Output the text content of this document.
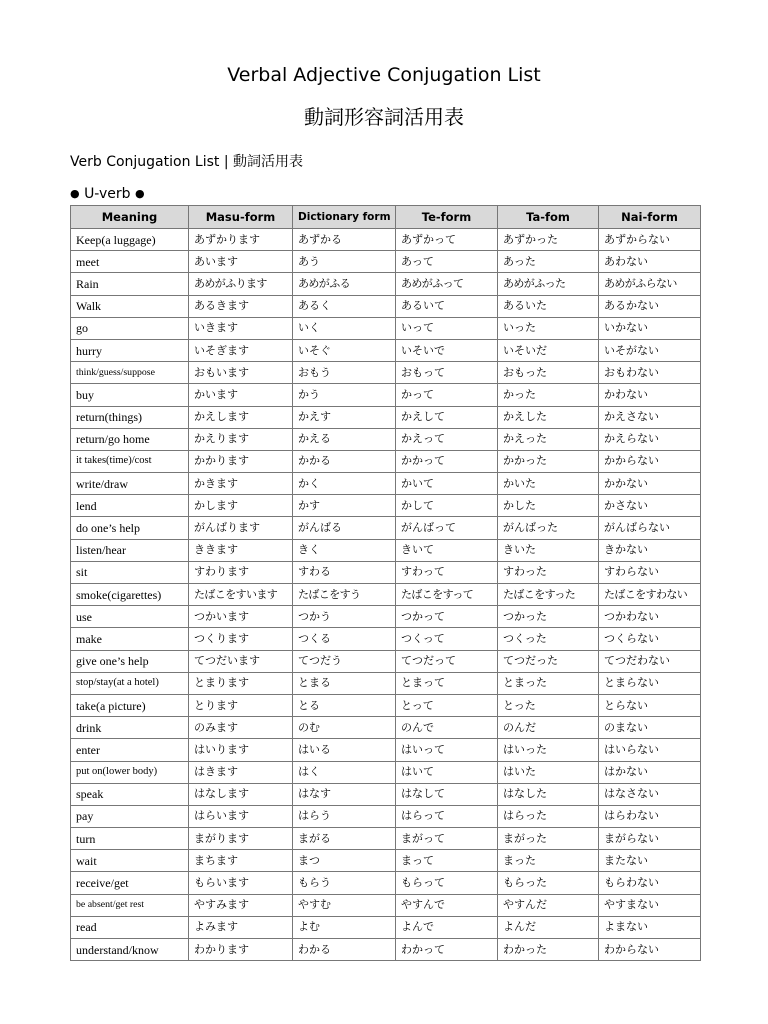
Verbal Adjective Conjugation List
動詞形容詞活用表
Verb Conjugation List | 動詞活用表
● U-verb ●
Meaning	Masu-form	Dictionary form	Te-form	Ta-fom	Nai-form
Keep(a luggage)	あずかります	あずかる	あずかって	あずかった	あずからない
meet	あいます	あう	あって	あった	あわない
Rain	あめがふります	あめがふる	あめがふって	あめがふった	あめがふらない
Walk	あるきます	あるく	あるいて	あるいた	あるかない
go	いきます	いく	いって	いった	いかない
hurry	いそぎます	いそぐ	いそいで	いそいだ	いそがない
think/guess/suppose	おもいます	おもう	おもって	おもった	おもわない
buy	かいます	かう	かって	かった	かわない
return(things)	かえします	かえす	かえして	かえした	かえさない
return/go home	かえります	かえる	かえって	かえった	かえらない
it takes(time)/cost	かかります	かかる	かかって	かかった	かからない
write/draw	かきます	かく	かいて	かいた	かかない
lend	かします	かす	かして	かした	かさない
do one’s help	がんばります	がんばる	がんばって	がんばった	がんばらない
listen/hear	ききます	きく	きいて	きいた	きかない
sit	すわります	すわる	すわって	すわった	すわらない
smoke(cigarettes)	たばこをすいます	たばこをすう	たばこをすって	たばこをすった	たばこをすわない
use	つかいます	つかう	つかって	つかった	つかわない
make	つくります	つくる	つくって	つくった	つくらない
give one’s help	てつだいます	てつだう	てつだって	てつだった	てつだわない
stop/stay(at a hotel)	とまります	とまる	とまって	とまった	とまらない
take(a picture)	とります	とる	とって	とった	とらない
drink	のみます	のむ	のんで	のんだ	のまない
enter	はいります	はいる	はいって	はいった	はいらない
put on(lower body)	はきます	はく	はいて	はいた	はかない
speak	はなします	はなす	はなして	はなした	はなさない
pay	はらいます	はらう	はらって	はらった	はらわない
turn	まがります	まがる	まがって	まがった	まがらない
wait	まちます	まつ	まって	まった	またない
receive/get	もらいます	もらう	もらって	もらった	もらわない
be absent/get rest	やすみます	やすむ	やすんで	やすんだ	やすまない
read	よみます	よむ	よんで	よんだ	よまない
understand/know	わかります	わかる	わかって	わかった	わからない
